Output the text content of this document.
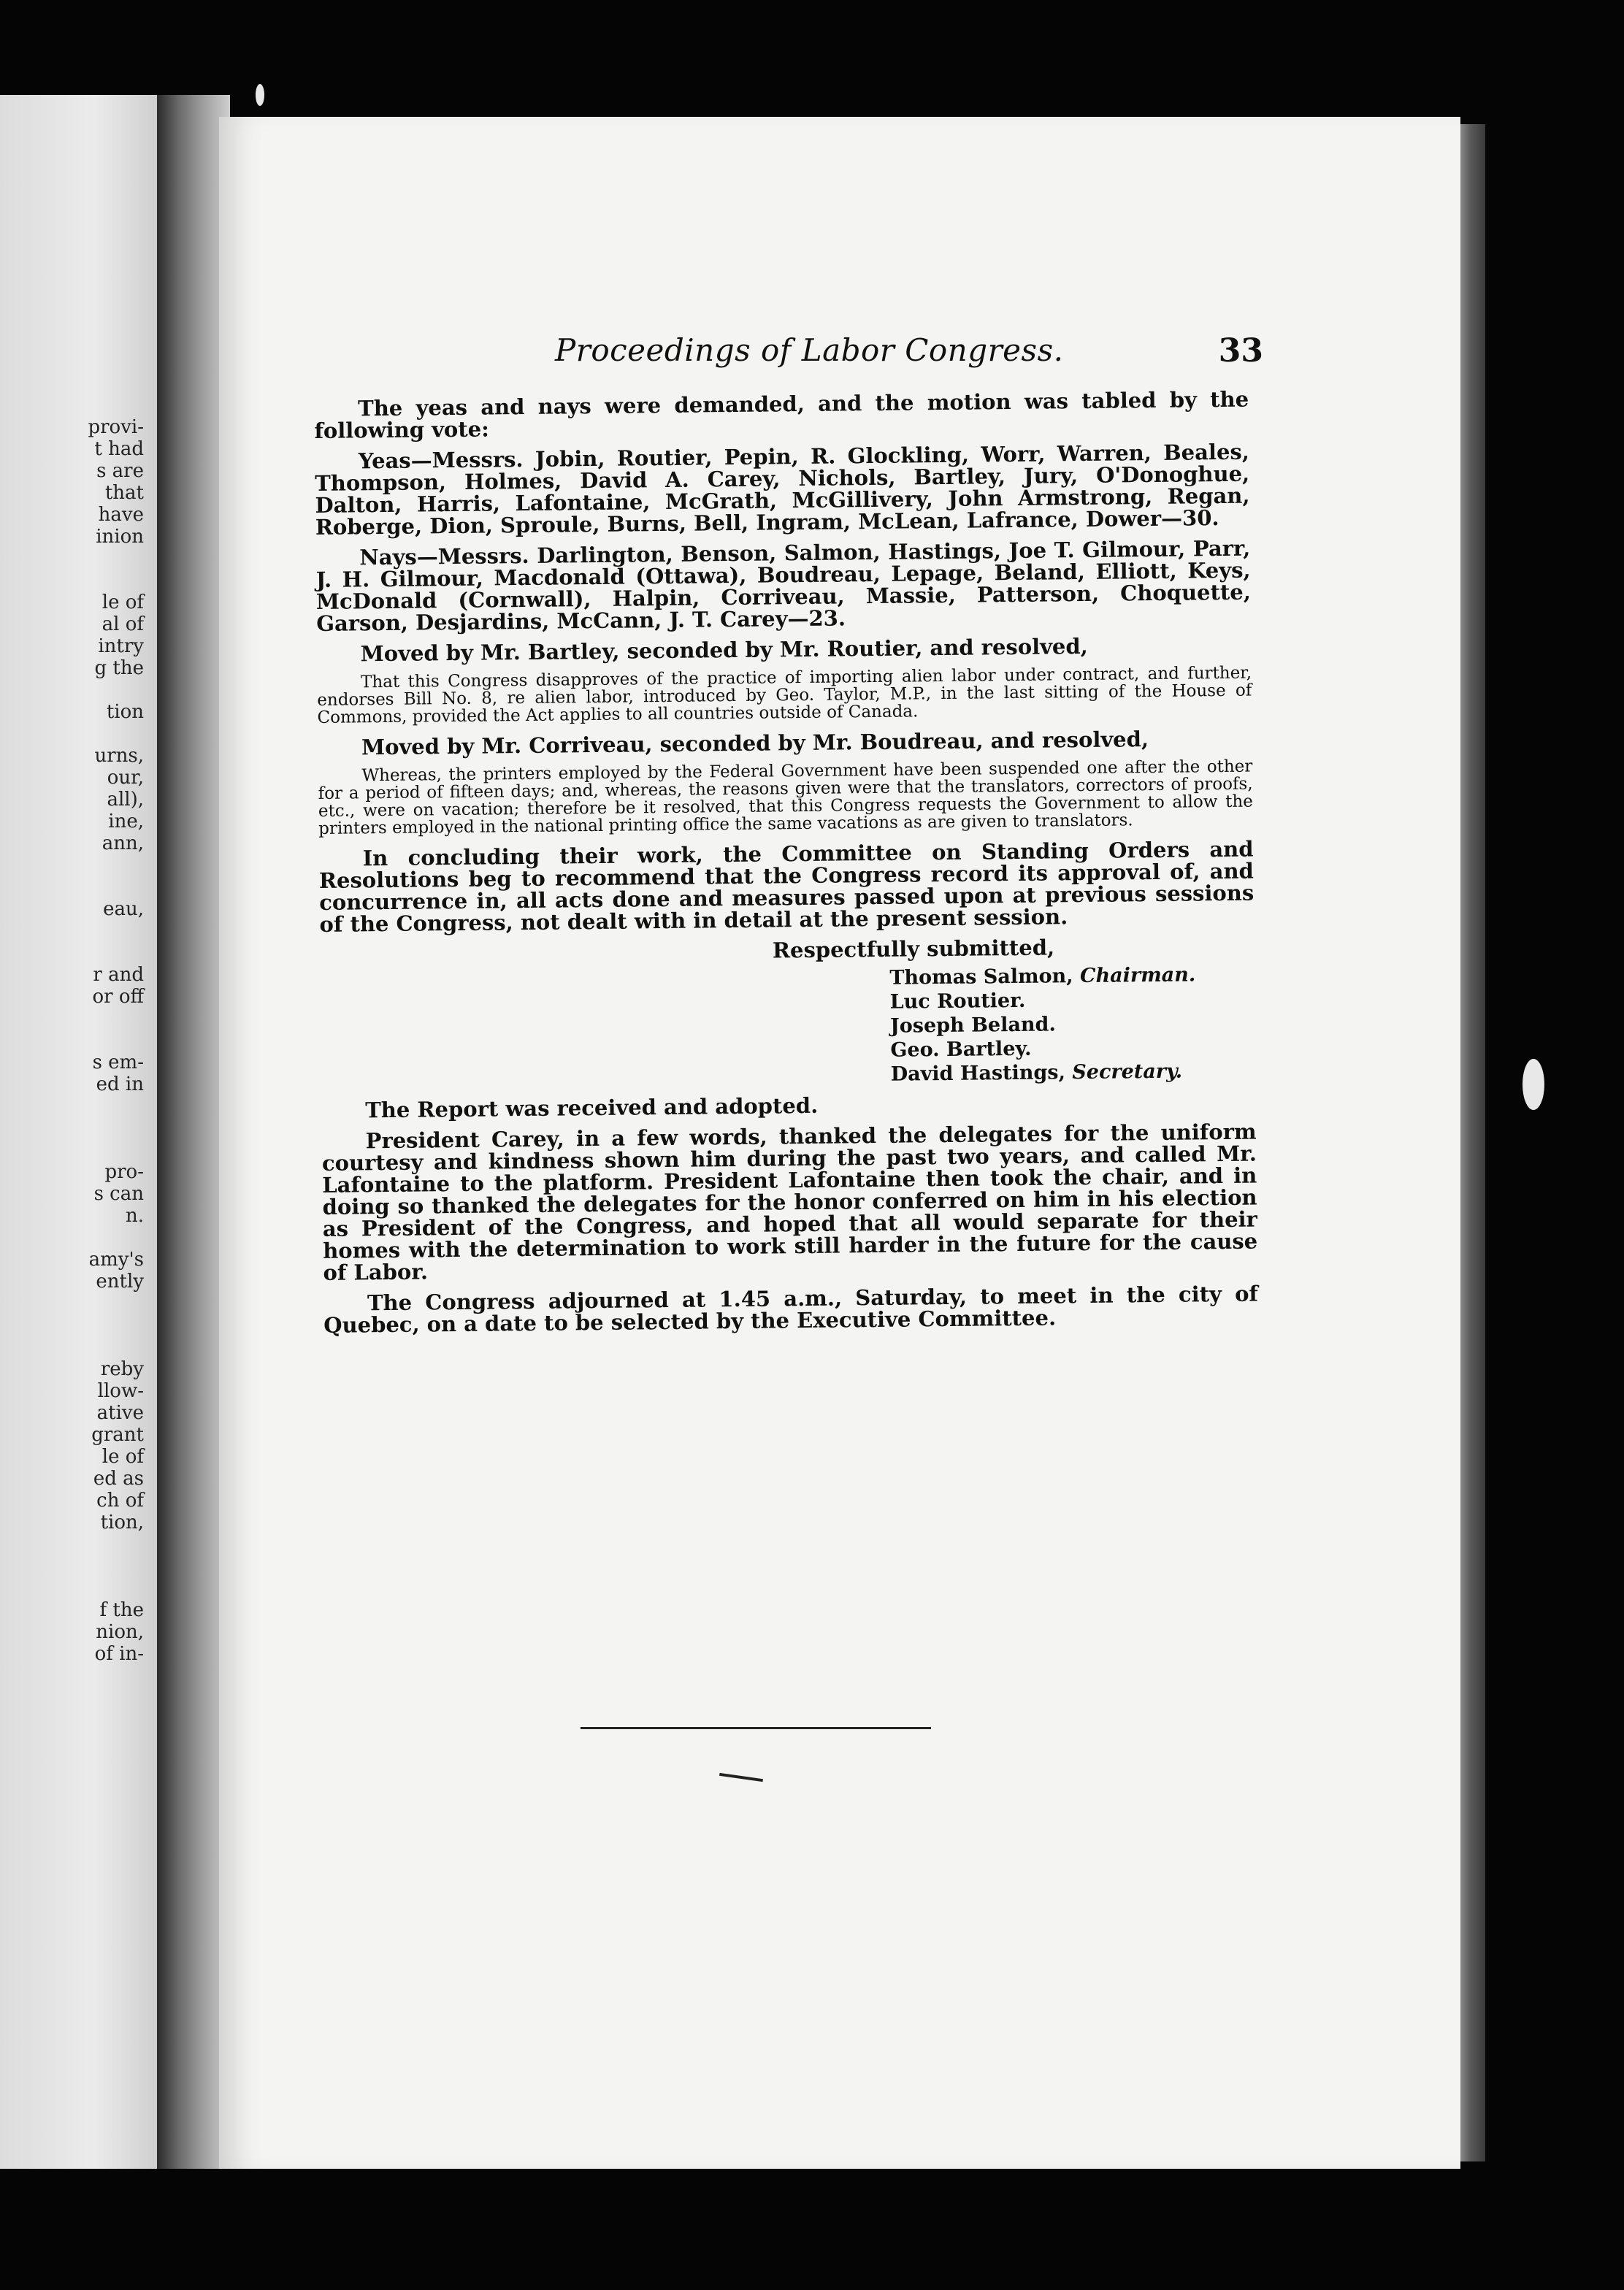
provi-
t had
s are
that
have
inion
le of
al of
intry
g the
tion
urns,
our,
all),
ine,
ann,
eau,
r and
or off
s em-
ed in
pro-
s can
n.
amy's
ently
reby
llow-
ative
grant
le of
ed as
ch of
tion,
f the
nion,
of in-
Proceedings of Labor Congress.	33

The yeas and nays were demanded, and the motion was tabled by the following vote:

Yeas—Messrs. Jobin, Routier, Pepin, R. Glockling, Worr, Warren, Beales, Thompson, Holmes, David A. Carey, Nichols, Bartley, Jury, O'Donoghue, Dalton, Harris, Lafontaine, McGrath, McGillivery, John Armstrong, Regan, Roberge, Dion, Sproule, Burns, Bell, Ingram, McLean, Lafrance, Dower—30.

Nays—Messrs. Darlington, Benson, Salmon, Hastings, Joe T. Gilmour, Parr, J. H. Gilmour, Macdonald (Ottawa), Boudreau, Lepage, Beland, Elliott, Keys, McDonald (Cornwall), Halpin, Corriveau, Massie, Patterson, Choquette, Garson, Desjardins, McCann, J. T. Carey—23.

Moved by Mr. Bartley, seconded by Mr. Routier, and resolved,

That this Congress disapproves of the practice of importing alien labor under contract, and further, endorses Bill No. 8, re alien labor, introduced by Geo. Taylor, M.P., in the last sitting of the House of Commons, provided the Act applies to all countries outside of Canada.

Moved by Mr. Corriveau, seconded by Mr. Boudreau, and resolved,

Whereas, the printers employed by the Federal Government have been suspended one after the other for a period of fifteen days; and, whereas, the reasons given were that the translators, correctors of proofs, etc., were on vacation; therefore be it resolved, that this Congress requests the Government to allow the printers employed in the national printing office the same vacations as are given to translators.

In concluding their work, the Committee on Standing Orders and Resolutions beg to recommend that the Congress record its approval of, and concurrence in, all acts done and measures passed upon at previous sessions of the Congress, not dealt with in detail at the present session.

Respectfully submitted,
Thomas Salmon, Chairman.
Luc Routier.
Joseph Beland.
Geo. Bartley.
David Hastings, Secretary.

The Report was received and adopted.

President Carey, in a few words, thanked the delegates for the uniform courtesy and kindness shown him during the past two years, and called Mr. Lafontaine to the platform. President Lafontaine then took the chair, and in doing so thanked the delegates for the honor conferred on him in his election as President of the Congress, and hoped that all would separate for their homes with the determination to work still harder in the future for the cause of Labor.

The Congress adjourned at 1.45 a.m., Saturday, to meet in the city of Quebec, on a date to be selected by the Executive Committee.
